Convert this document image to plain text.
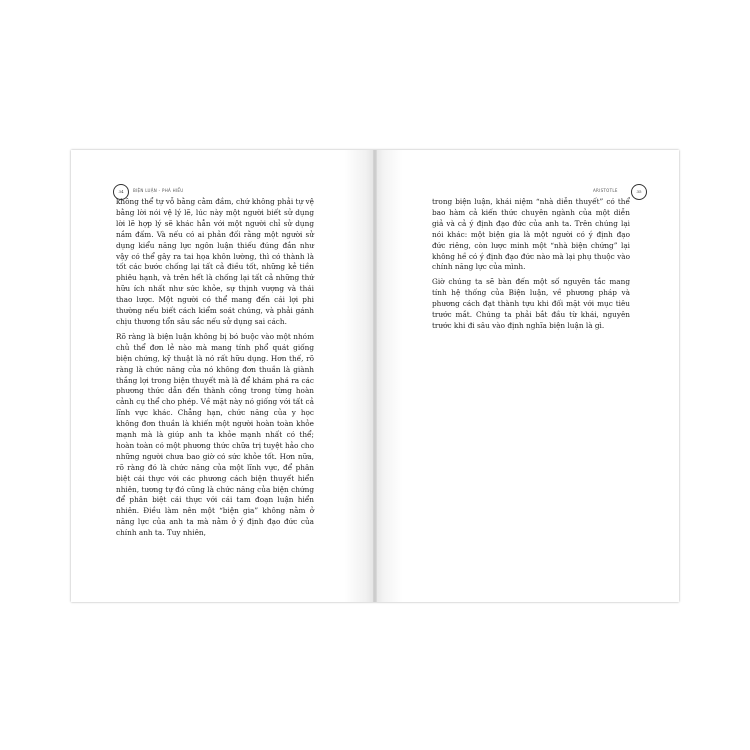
34	BIỆN LUẬN - PHÁ HIỂU

không thể tự vỗ bằng cằm đầm, chứ không phải tự vệ bằng lời nói vệ lý lẽ, lúc này một người biết sử dụng lời lẽ hợp lý sẽ khác hẳn với một người chỉ sử dụng nắm đấm. Và nếu có ai phản đối rằng một người sử dụng kiểu năng lực ngôn luận thiếu đúng đắn như vậy có thể gây ra tai họa khôn lường, thì có thành là tốt các bước chống lại tất cả điều tốt, những kẻ tiền phiêu hạnh, và trên hết là chống lại tất cả những thứ hữu ích nhất như sức khỏe, sự thịnh vượng và thái thao lược. Một người có thể mang đến cái lợi phi thường nếu biết cách kiểm soát chúng, và phải gánh chịu thương tổn sâu sắc nếu sử dụng sai cách.

Rõ ràng là biện luận không bị bó buộc vào một nhóm chủ thể đơn lẻ nào mà mang tính phổ quát giống biện chứng, kỹ thuật là nó rất hữu dụng. Hơn thế, rõ ràng là chức năng của nó không đơn thuần là giành thắng lợi trong biện thuyết mà là để khám phá ra các phương thức dẫn đến thành công trong từng hoàn cảnh cụ thể cho phép. Về mặt này nó giống với tất cả lĩnh vực khác. Chẳng hạn, chức năng của y học không đơn thuần là khiến một người hoàn toàn khỏe mạnh mà là giúp anh ta khỏe mạnh nhất có thể; hoàn toàn có một phương thức chữa trị tuyệt hảo cho những người chưa bao giờ có sức khỏe tốt. Hơn nữa, rõ ràng đó là chức năng của một lĩnh vực, để phân biệt cái thực với các phương cách biện thuyết hiển nhiên, tương tự đó cũng là chức năng của biện chứng để phân biệt cái thực với cái tam đoạn luận hiển nhiên. Điều làm nên một “biện gia” không nằm ở năng lực của anh ta mà nằm ở ý định đạo đức của chính anh ta. Tuy nhiên,

ARISTOTLE	35

trong biện luận, khái niệm “nhà diễn thuyết” có thể bao hàm cả kiến thức chuyên ngành của một diễn giả và cả ý định đạo đức của anh ta. Trên chúng lại nói khác: một biện gia là một người có ý định đạo đức riêng, còn lược minh một “nhà biện chứng” lại không hề có ý định đạo đức nào mà lại phụ thuộc vào chính năng lực của mình.

Giờ chúng ta sẽ bàn đến một số nguyên tắc mang tính hệ thống của Biện luận, về phương pháp và phương cách đạt thành tựu khi đối mặt với mục tiêu trước mắt. Chúng ta phải bắt đầu từ khái, nguyên trước khi đi sâu vào định nghĩa biện luận là gì.
